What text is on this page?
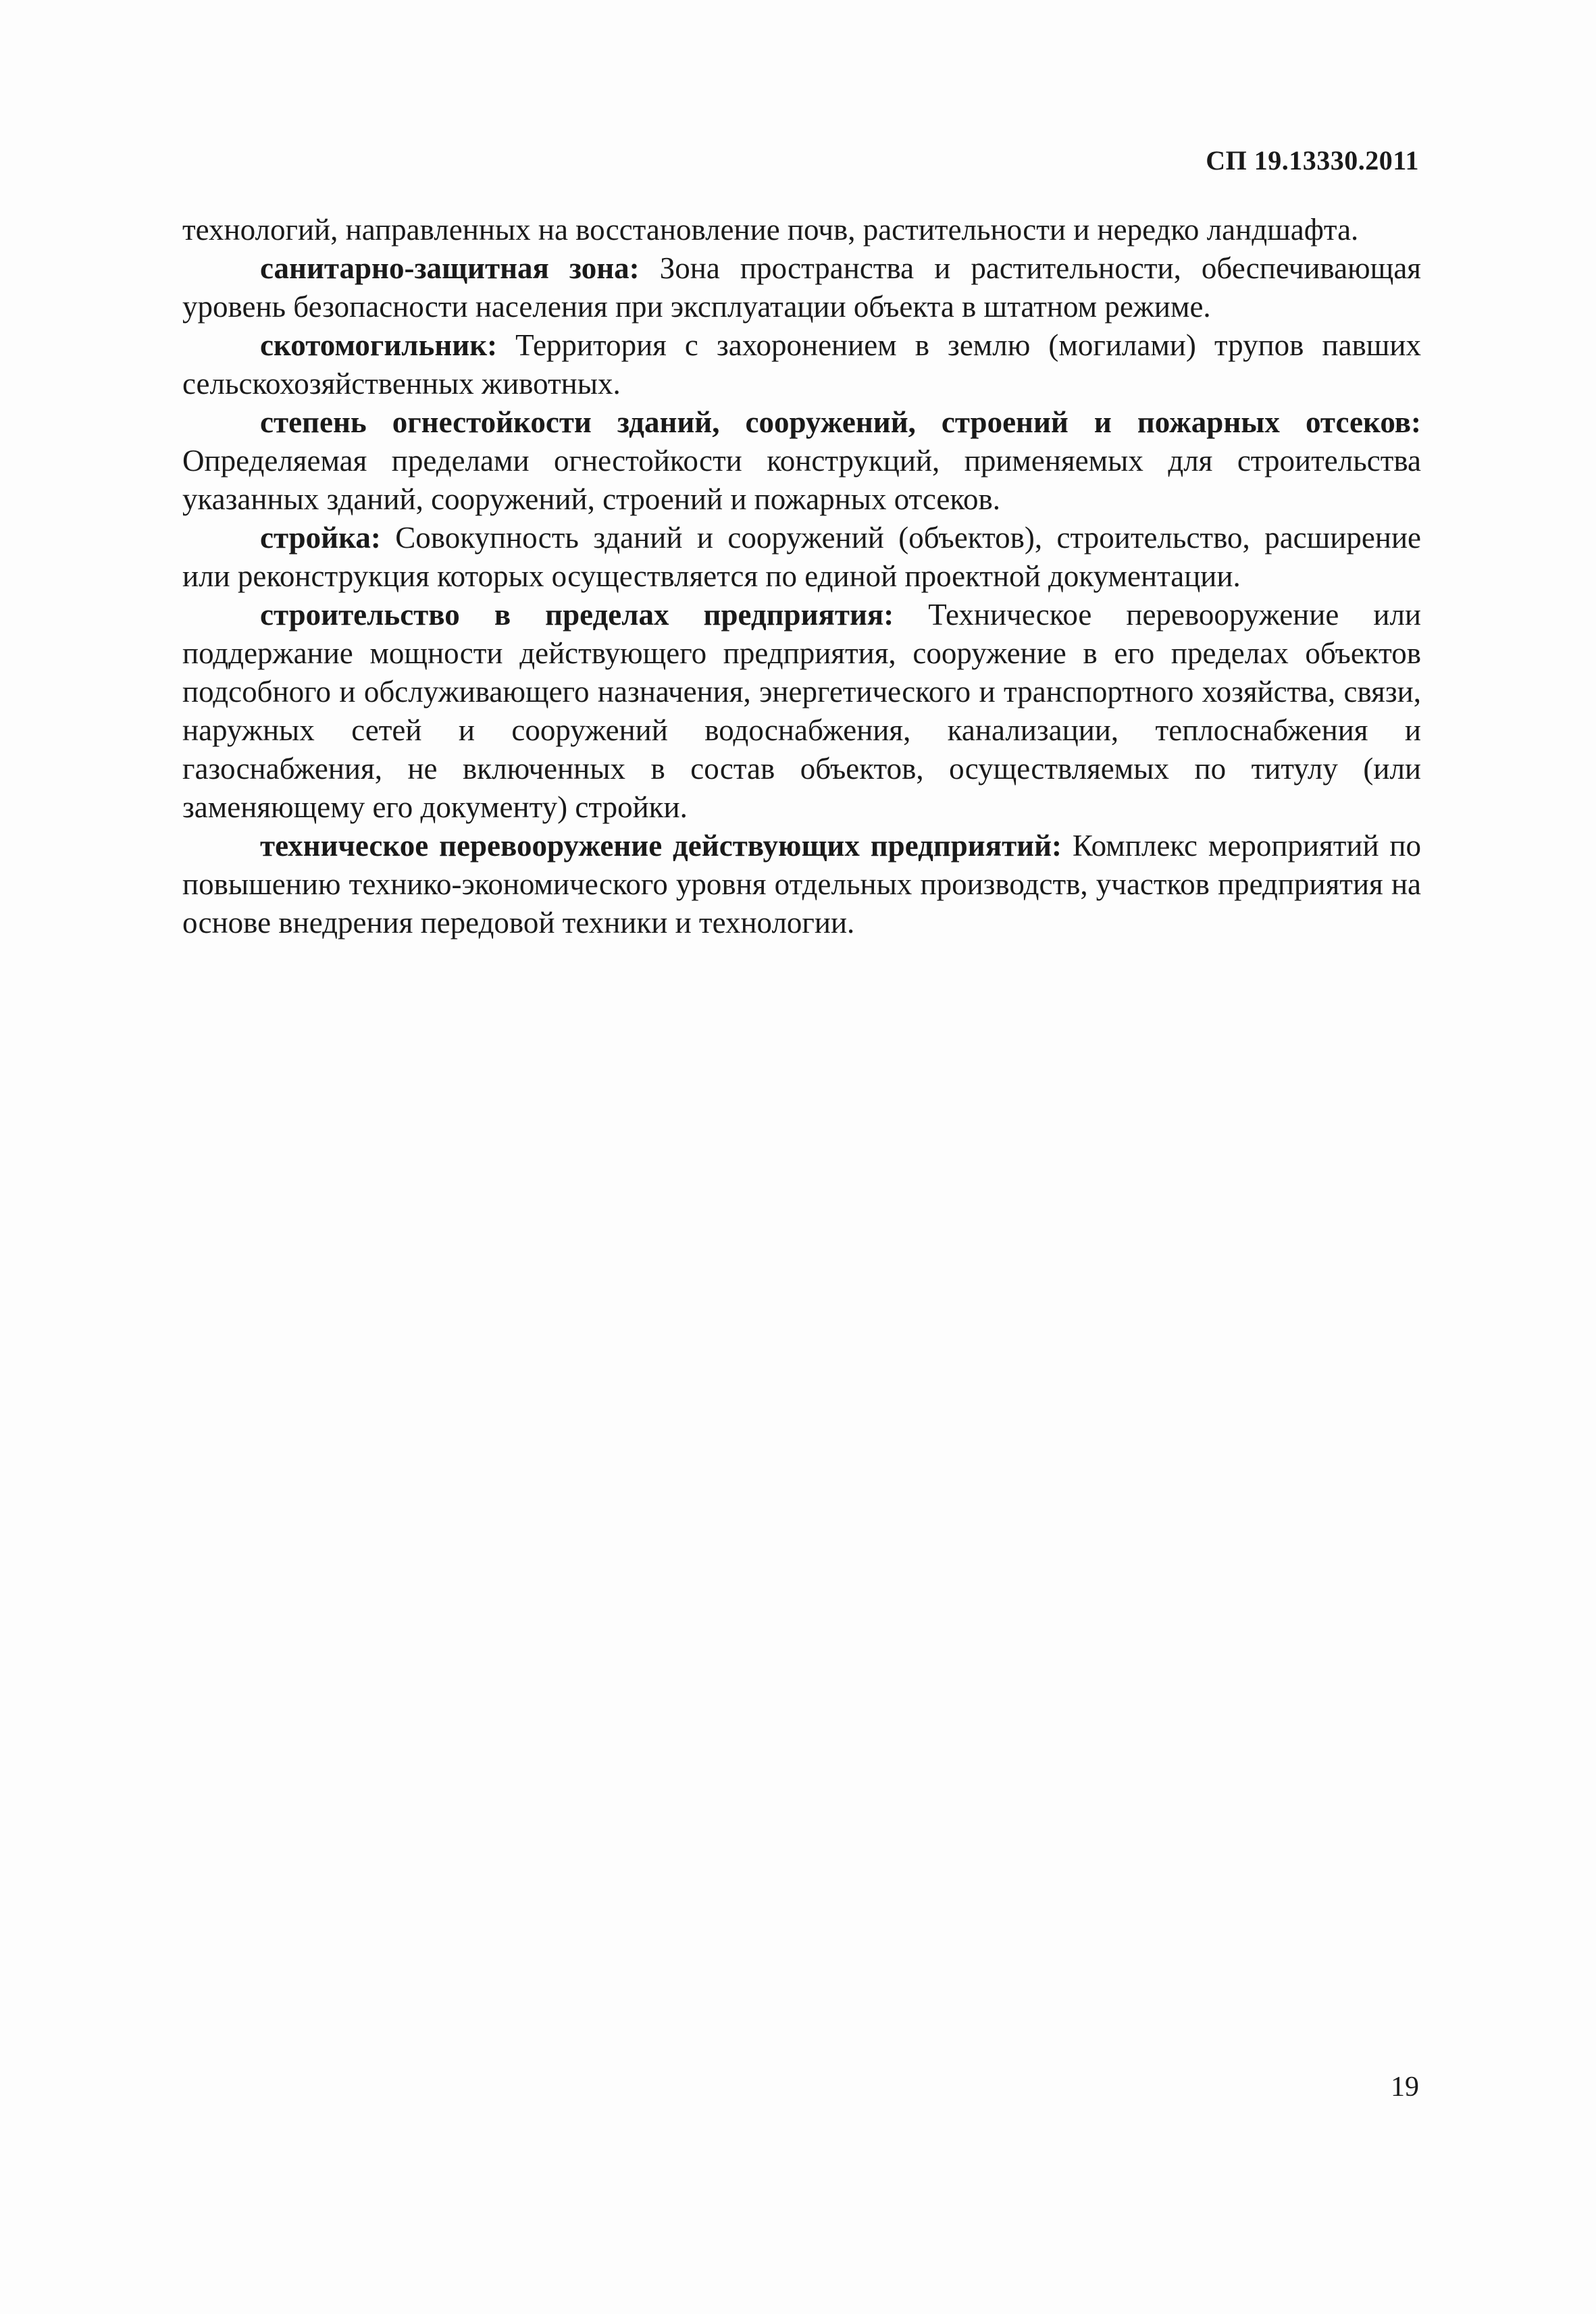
СП 19.13330.2011

технологий, направленных на восстановление почв, растительности и нередко ландшафта.

санитарно-защитная зона: Зона пространства и растительности, обеспечивающая уровень безопасности населения при эксплуатации объекта в штатном режиме.

скотомогильник: Территория с захоронением в землю (могилами) трупов павших сельскохозяйственных животных.

степень огнестойкости зданий, сооружений, строений и пожарных отсеков: Определяемая пределами огнестойкости конструкций, применяемых для строительства указанных зданий, сооружений, строений и пожарных отсеков.

стройка: Совокупность зданий и сооружений (объектов), строительство, расширение или реконструкция которых осуществляется по единой проектной документации.

строительство в пределах предприятия: Техническое перевооружение или поддержание мощности действующего предприятия, сооружение в его пределах объектов подсобного и обслуживающего назначения, энергетического и транспортного хозяйства, связи, наружных сетей и сооружений водоснабжения, канализации, теплоснабжения и газоснабжения, не включенных в состав объектов, осуществляемых по титулу (или заменяющему его документу) стройки.

техническое перевооружение действующих предприятий: Комплекс мероприятий по повышению технико-экономического уровня отдельных производств, участков предприятия на основе внедрения передовой техники и технологии.

19
